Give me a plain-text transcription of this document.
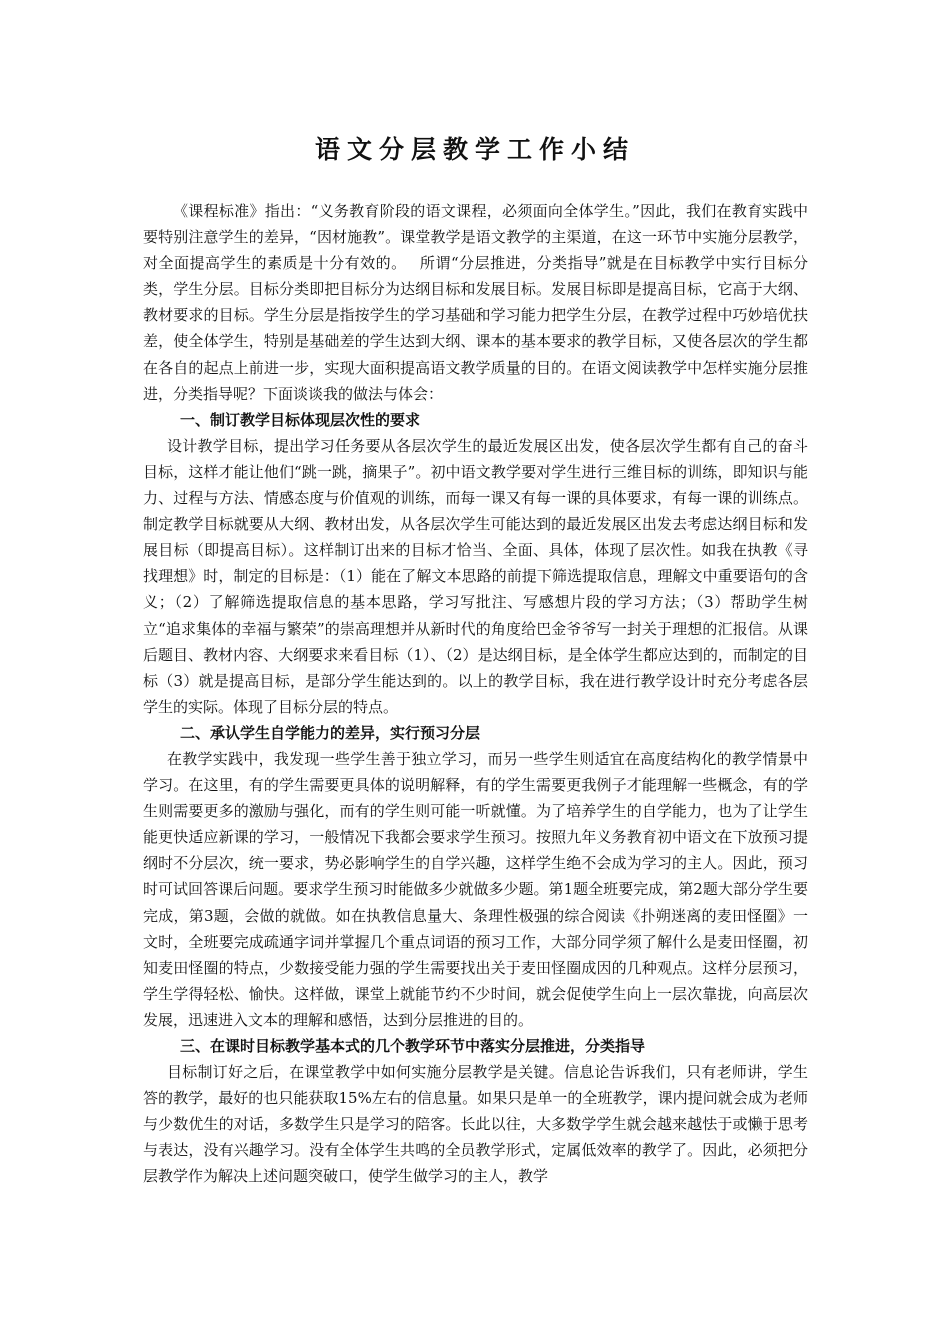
语文分层教学工作小结

《课程标准》指出：“义务教育阶段的语文课程，必须面向全体学生。”因此，我们在教育实践中要特别注意学生的差异，“因材施教”。课堂教学是语文教学的主渠道，在这一环节中实施分层教学，对全面提高学生的素质是十分有效的。　 所谓“分层推进，分类指导”就是在目标教学中实行目标分类，学生分层。目标分类即把目标分为达纲目标和发展目标。发展目标即是提高目标，它高于大纲、教材要求的目标。学生分层是指按学生的学习基础和学习能力把学生分层，在教学过程中巧妙培优扶差，使全体学生，特别是基础差的学生达到大纲、课本的基本要求的教学目标，又使各层次的学生都在各自的起点上前进一步，实现大面积提高语文教学质量的目的。在语文阅读教学中怎样实施分层推进，分类指导呢？下面谈谈我的做法与体会：

一、制订教学目标体现层次性的要求

设计教学目标，提出学习任务要从各层次学生的最近发展区出发，使各层次学生都有自己的奋斗目标，这样才能让他们“跳一跳，摘果子”。初中语文教学要对学生进行三维目标的训练，即知识与能力、过程与方法、情感态度与价值观的训练，而每一课又有每一课的具体要求，有每一课的训练点。制定教学目标就要从大纲、教材出发，从各层次学生可能达到的最近发展区出发去考虑达纲目标和发展目标（即提高目标）。这样制订出来的目标才恰当、全面、具体，体现了层次性。如我在执教《寻找理想》时，制定的目标是：（1）能在了解文本思路的前提下筛选提取信息，理解文中重要语句的含义；（2）了解筛选提取信息的基本思路，学习写批注、写感想片段的学习方法；（3）帮助学生树立“追求集体的幸福与繁荣”的崇高理想并从新时代的角度给巴金爷爷写一封关于理想的汇报信。从课后题目、教材内容、大纲要求来看目标（1）、（2）是达纲目标，是全体学生都应达到的，而制定的目标（3）就是提高目标，是部分学生能达到的。以上的教学目标，我在进行教学设计时充分考虑各层学生的实际。体现了目标分层的特点。

二、承认学生自学能力的差异，实行预习分层

在教学实践中，我发现一些学生善于独立学习，而另一些学生则适宜在高度结构化的教学情景中学习。在这里，有的学生需要更具体的说明解释，有的学生需要更我例子才能理解一些概念，有的学生则需要更多的激励与强化，而有的学生则可能一听就懂。为了培养学生的自学能力，也为了让学生能更快适应新课的学习，一般情况下我都会要求学生预习。按照九年义务教育初中语文在下放预习提纲时不分层次，统一要求，势必影响学生的自学兴趣，这样学生绝不会成为学习的主人。因此，预习时可试回答课后问题。要求学生预习时能做多少就做多少题。第1题全班要完成，第2题大部分学生要完成，第3题，会做的就做。如在执教信息量大、条理性极强的综合阅读《扑朔迷离的麦田怪圈》一文时，全班要完成疏通字词并掌握几个重点词语的预习工作，大部分同学须了解什么是麦田怪圈，初知麦田怪圈的特点，少数接受能力强的学生需要找出关于麦田怪圈成因的几种观点。这样分层预习，学生学得轻松、愉快。这样做，课堂上就能节约不少时间，就会促使学生向上一层次靠拢，向高层次发展，迅速进入文本的理解和感悟，达到分层推进的目的。

三、在课时目标教学基本式的几个教学环节中落实分层推进，分类指导

目标制订好之后，在课堂教学中如何实施分层教学是关键。信息论告诉我们，只有老师讲，学生答的教学，最好的也只能获取15%左右的信息量。如果只是单一的全班教学，课内提问就会成为老师与少数优生的对话，多数学生只是学习的陪客。长此以往，大多数学学生就会越来越怯于或懒于思考与表达，没有兴趣学习。没有全体学生共鸣的全员教学形式，定属低效率的教学了。因此，必须把分层教学作为解决上述问题突破口，使学生做学习的主人，教学
